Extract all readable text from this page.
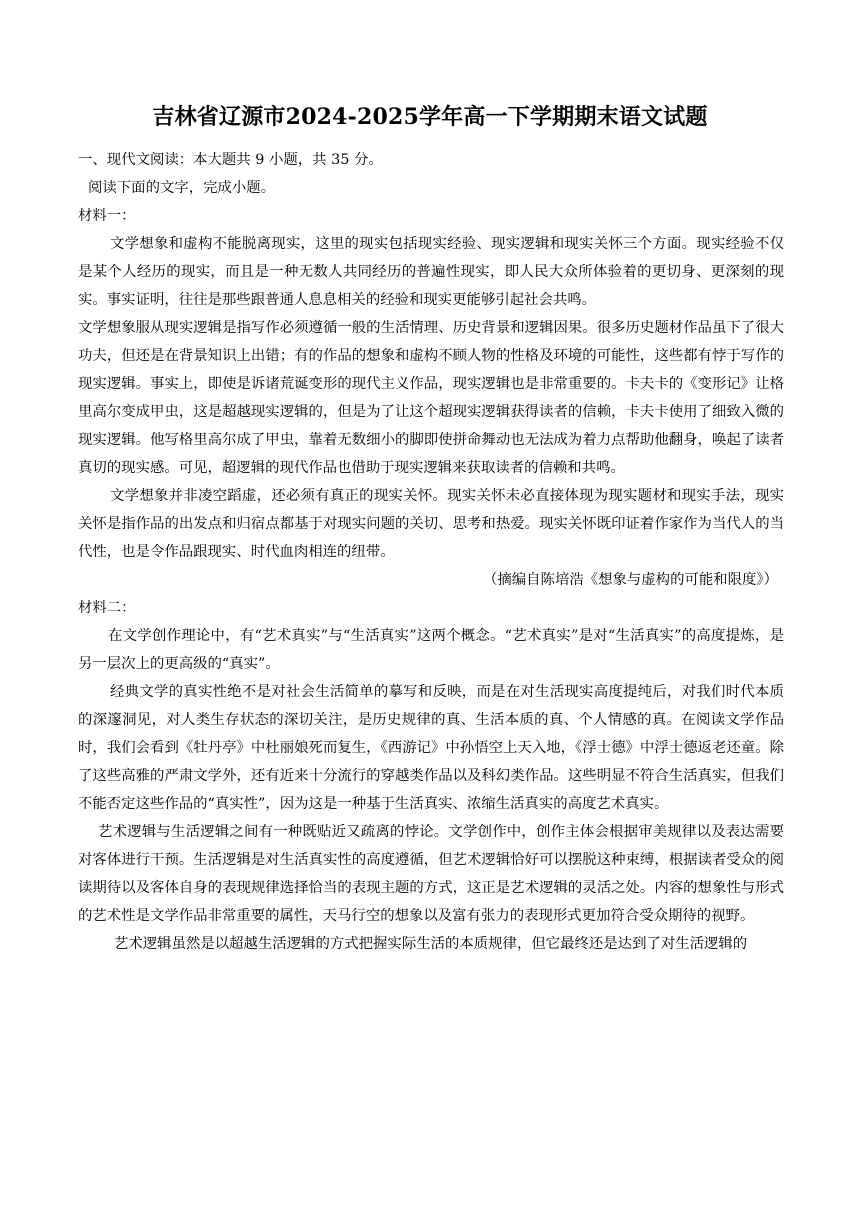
吉林省辽源市2024-2025学年高一下学期期末语文试题

一、现代文阅读：本大题共 9 小题，共 35 分。

阅读下面的文字，完成小题。

材料一：

文学想象和虚构不能脱离现实，这里的现实包括现实经验、现实逻辑和现实关怀三个方面。现实经验不仅是某个人经历的现实，而且是一种无数人共同经历的普遍性现实，即人民大众所体验着的更切身、更深刻的现实。事实证明，往往是那些跟普通人息息相关的经验和现实更能够引起社会共鸣。

文学想象服从现实逻辑是指写作必须遵循一般的生活情理、历史背景和逻辑因果。很多历史题材作品虽下了很大功夫，但还是在背景知识上出错；有的作品的想象和虚构不顾人物的性格及环境的可能性，这些都有悖于写作的现实逻辑。事实上，即使是诉诸荒诞变形的现代主义作品，现实逻辑也是非常重要的。卡夫卡的《变形记》让格里高尔变成甲虫，这是超越现实逻辑的，但是为了让这个超现实逻辑获得读者的信赖，卡夫卡使用了细致入微的现实逻辑。他写格里高尔成了甲虫，靠着无数细小的脚即使拼命舞动也无法成为着力点帮助他翻身，唤起了读者真切的现实感。可见，超逻辑的现代作品也借助于现实逻辑来获取读者的信赖和共鸣。

文学想象并非凌空蹈虚，还必须有真正的现实关怀。现实关怀未必直接体现为现实题材和现实手法，现实关怀是指作品的出发点和归宿点都基于对现实问题的关切、思考和热爱。现实关怀既印证着作家作为当代人的当代性，也是令作品跟现实、时代血肉相连的纽带。

（摘编自陈培浩《想象与虚构的可能和限度》）

材料二：

在文学创作理论中，有“艺术真实”与“生活真实”这两个概念。“艺术真实”是对“生活真实”的高度提炼，是另一层次上的更高级的“真实”。

经典文学的真实性绝不是对社会生活简单的摹写和反映，而是在对生活现实高度提纯后，对我们时代本质的深邃洞见，对人类生存状态的深切关注，是历史规律的真、生活本质的真、个人情感的真。在阅读文学作品时，我们会看到《牡丹亭》中杜丽娘死而复生，《西游记》中孙悟空上天入地，《浮士德》中浮士德返老还童。除了这些高雅的严肃文学外，还有近来十分流行的穿越类作品以及科幻类作品。这些明显不符合生活真实，但我们不能否定这些作品的“真实性”，因为这是一种基于生活真实、浓缩生活真实的高度艺术真实。

艺术逻辑与生活逻辑之间有一种既贴近又疏离的悖论。文学创作中，创作主体会根据审美规律以及表达需要对客体进行干预。生活逻辑是对生活真实性的高度遵循，但艺术逻辑恰好可以摆脱这种束缚，根据读者受众的阅读期待以及客体自身的表现规律选择恰当的表现主题的方式，这正是艺术逻辑的灵活之处。内容的想象性与形式的艺术性是文学作品非常重要的属性，天马行空的想象以及富有张力的表现形式更加符合受众期待的视野。

艺术逻辑虽然是以超越生活逻辑的方式把握实际生活的本质规律，但它最终还是达到了对生活逻辑的
